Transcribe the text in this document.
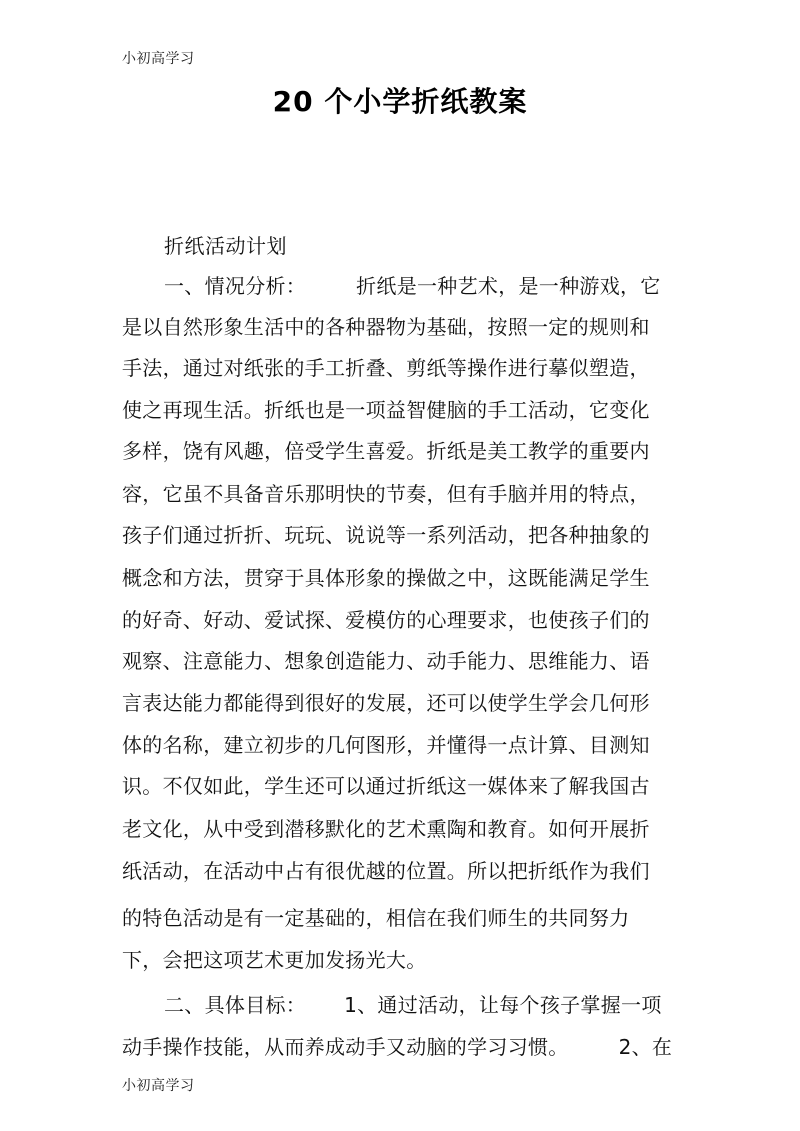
小初高学习
20 个小学折纸教案
折纸活动计划
一、情况分析：	折纸是一种艺术，是一种游戏，它
是以自然形象生活中的各种器物为基础，按照一定的规则和
手法，通过对纸张的手工折叠、剪纸等操作进行摹似塑造，
使之再现生活。折纸也是一项益智健脑的手工活动，它变化
多样，饶有风趣，倍受学生喜爱。折纸是美工教学的重要内
容，它虽不具备音乐那明快的节奏，但有手脑并用的特点，
孩子们通过折折、玩玩、说说等一系列活动，把各种抽象的
概念和方法，贯穿于具体形象的操做之中，这既能满足学生
的好奇、好动、爱试探、爱模仿的心理要求，也使孩子们的
观察、注意能力、想象创造能力、动手能力、思维能力、语
言表达能力都能得到很好的发展，还可以使学生学会几何形
体的名称，建立初步的几何图形，并懂得一点计算、目测知
识。不仅如此，学生还可以通过折纸这一媒体来了解我国古
老文化，从中受到潜移默化的艺术熏陶和教育。如何开展折
纸活动，在活动中占有很优越的位置。所以把折纸作为我们
的特色活动是有一定基础的，相信在我们师生的共同努力
下，会把这项艺术更加发扬光大。
二、具体目标： 1、通过活动，让每个孩子掌握一项
动手操作技能，从而养成动手又动脑的学习习惯。	2、在
小初高学习
